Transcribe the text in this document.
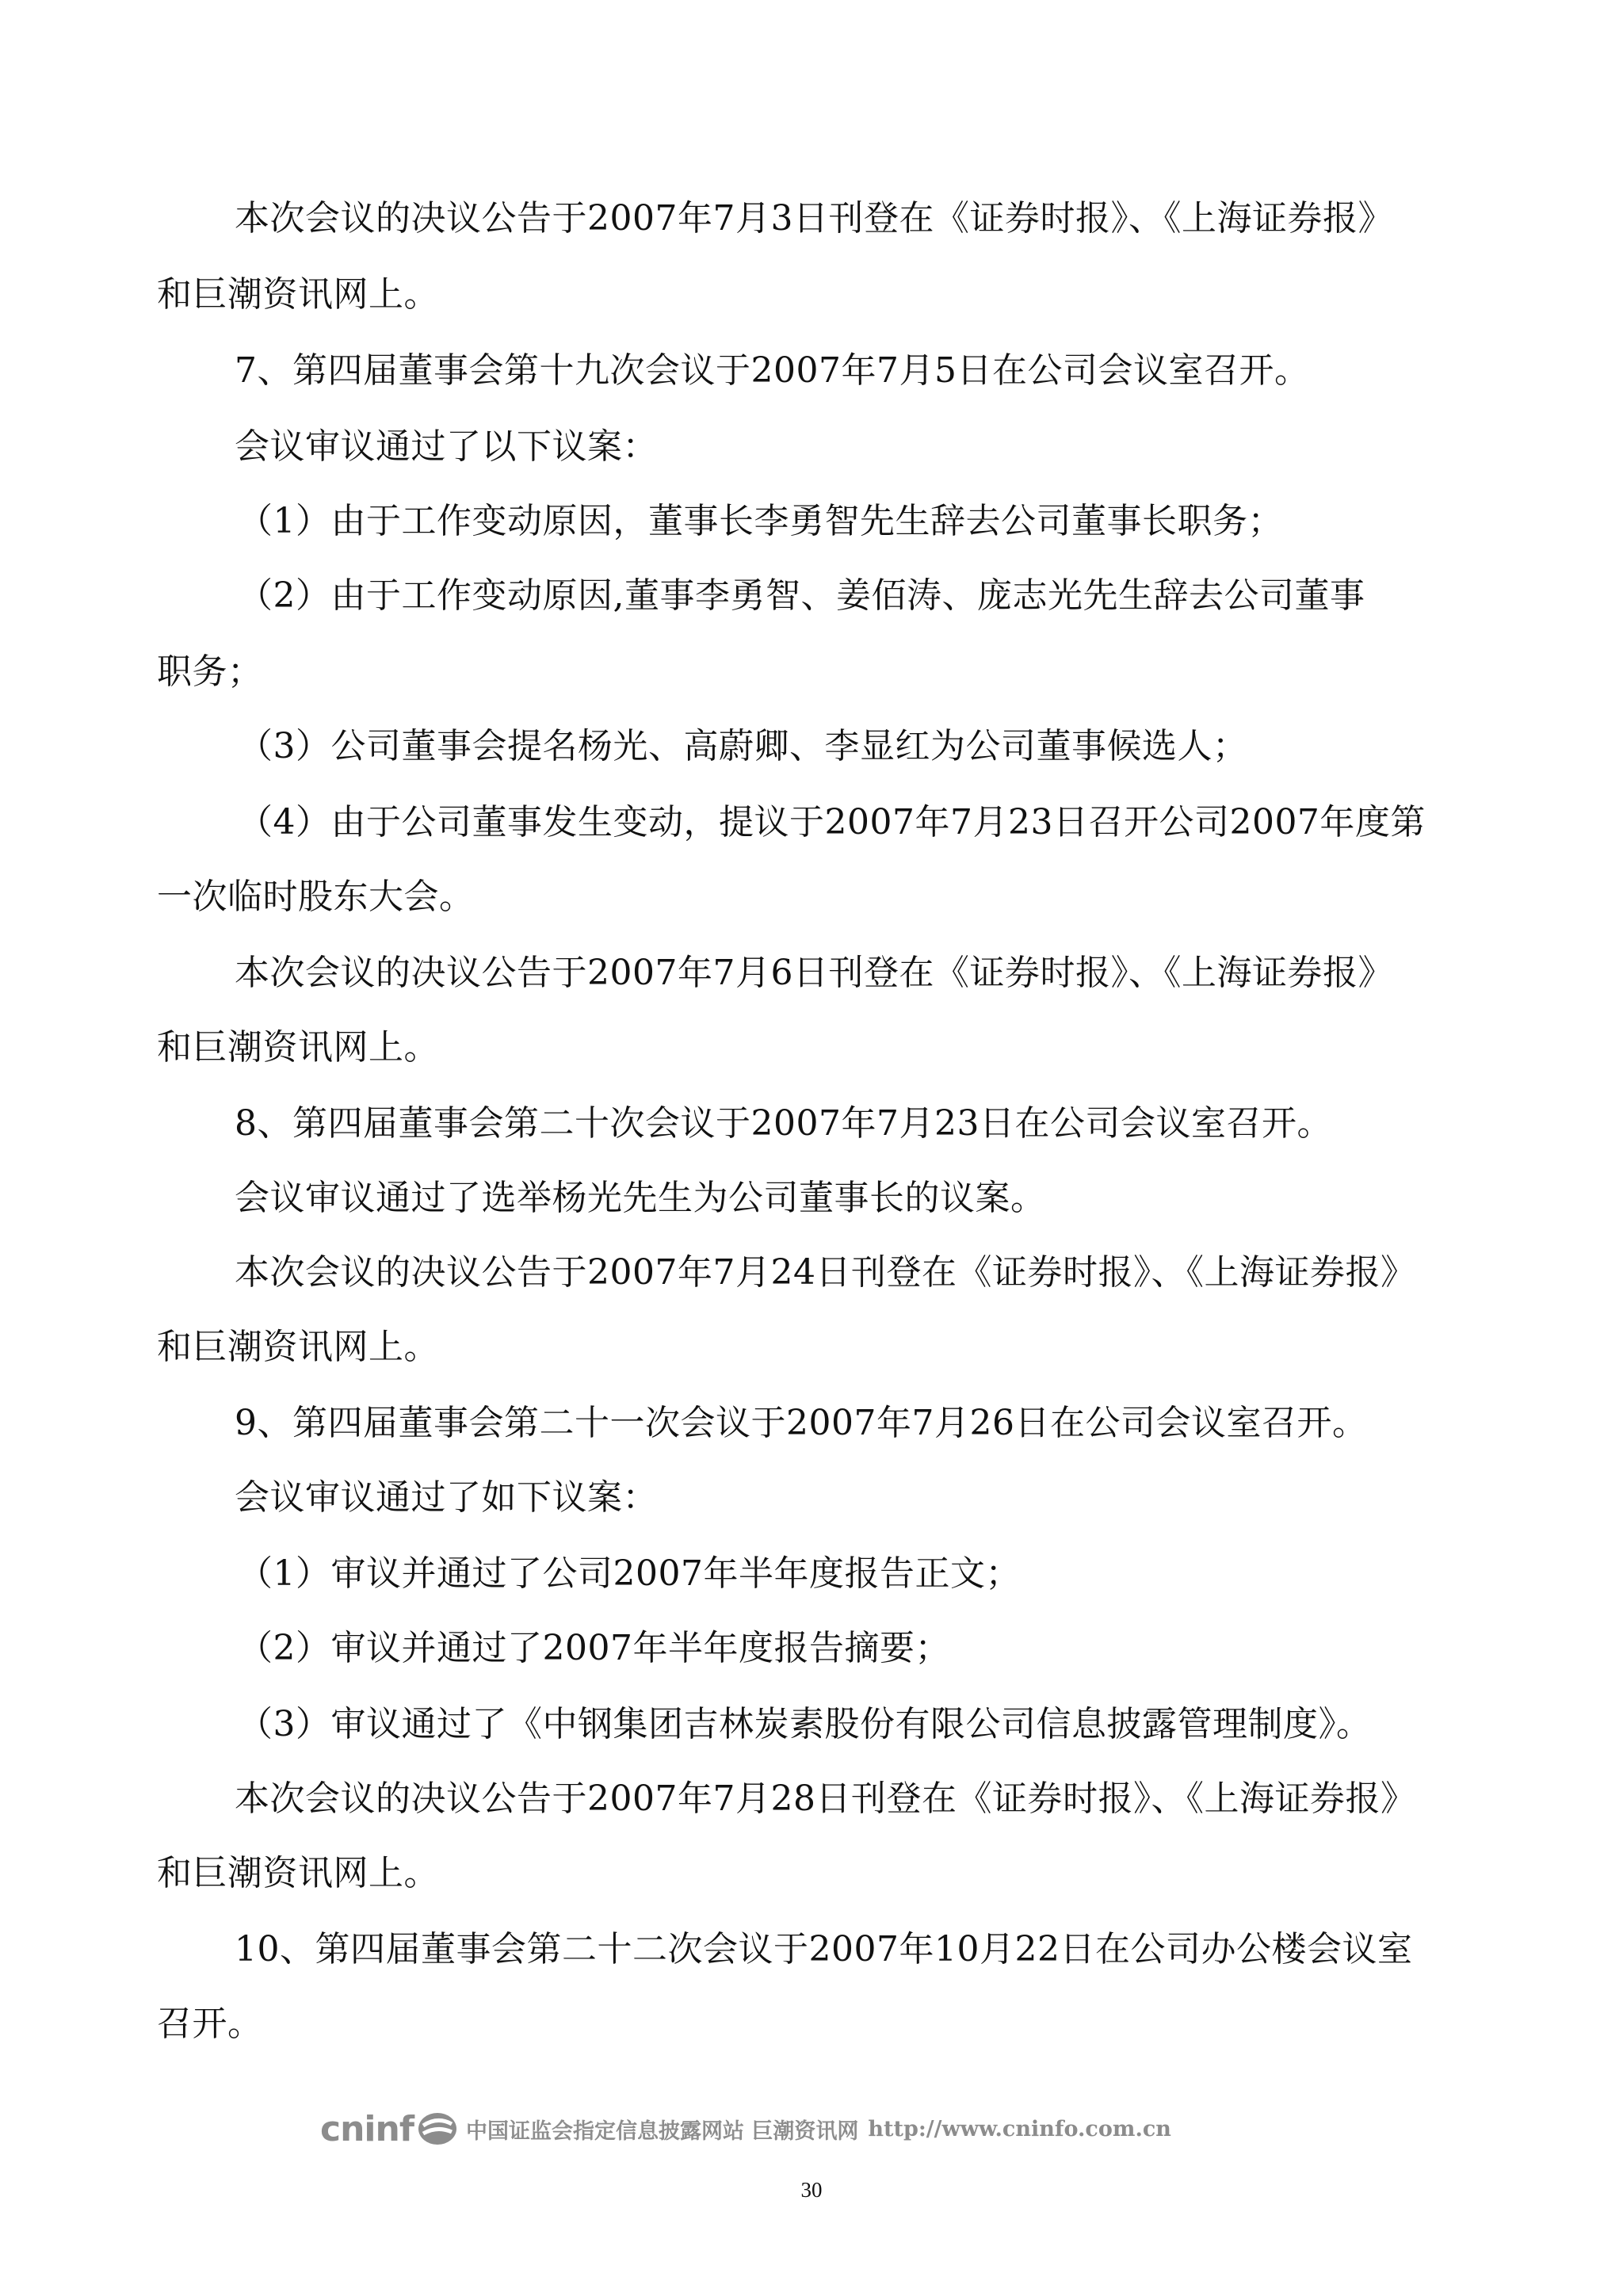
本次会议的决议公告于2007年7月3日刊登在《证券时报》、《上海证券报》
和巨潮资讯网上。
7、第四届董事会第十九次会议于2007年7月5日在公司会议室召开。
会议审议通过了以下议案：
（1）由于工作变动原因，董事长李勇智先生辞去公司董事长职务；
（2）由于工作变动原因,董事李勇智、姜佰涛、庞志光先生辞去公司董事
职务；
（3）公司董事会提名杨光、高蔚卿、李显红为公司董事候选人；
（4）由于公司董事发生变动，提议于2007年7月23日召开公司2007年度第
一次临时股东大会。
本次会议的决议公告于2007年7月6日刊登在《证券时报》、《上海证券报》
和巨潮资讯网上。
8、第四届董事会第二十次会议于2007年7月23日在公司会议室召开。
会议审议通过了选举杨光先生为公司董事长的议案。
本次会议的决议公告于2007年7月24日刊登在《证券时报》、《上海证券报》
和巨潮资讯网上。
9、第四届董事会第二十一次会议于2007年7月26日在公司会议室召开。
会议审议通过了如下议案：
（1）审议并通过了公司2007年半年度报告正文；
（2）审议并通过了2007年半年度报告摘要；
（3）审议通过了《中钢集团吉林炭素股份有限公司信息披露管理制度》。
本次会议的决议公告于2007年7月28日刊登在《证券时报》、《上海证券报》
和巨潮资讯网上。
10、第四届董事会第二十二次会议于2007年10月22日在公司办公楼会议室
召开。
cninf 中国证监会指定信息披露网站 巨潮资讯网 http://www.cninfo.com.cn
30
